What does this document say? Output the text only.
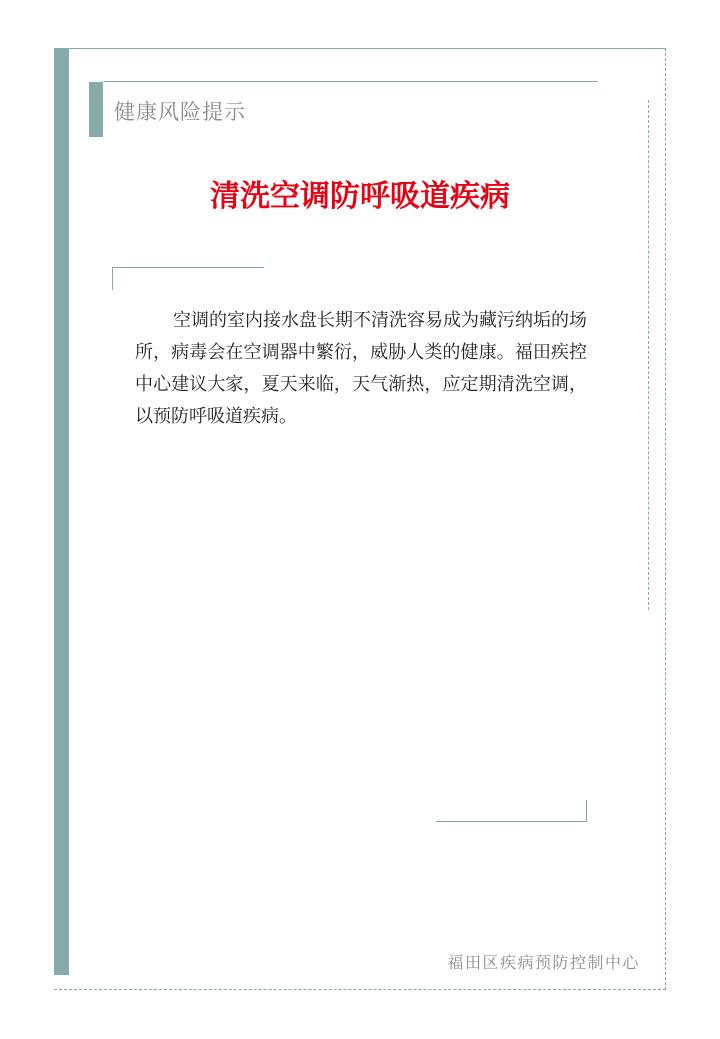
健康风险提示
清洗空调防呼吸道疾病

空调的室内接水盘长期不清洗容易成为藏污纳垢的场所，病毒会在空调器中繁衍，威胁人类的健康。福田疾控中心建议大家，夏天来临，天气渐热，应定期清洗空调，以预防呼吸道疾病。

福田区疾病预防控制中心
